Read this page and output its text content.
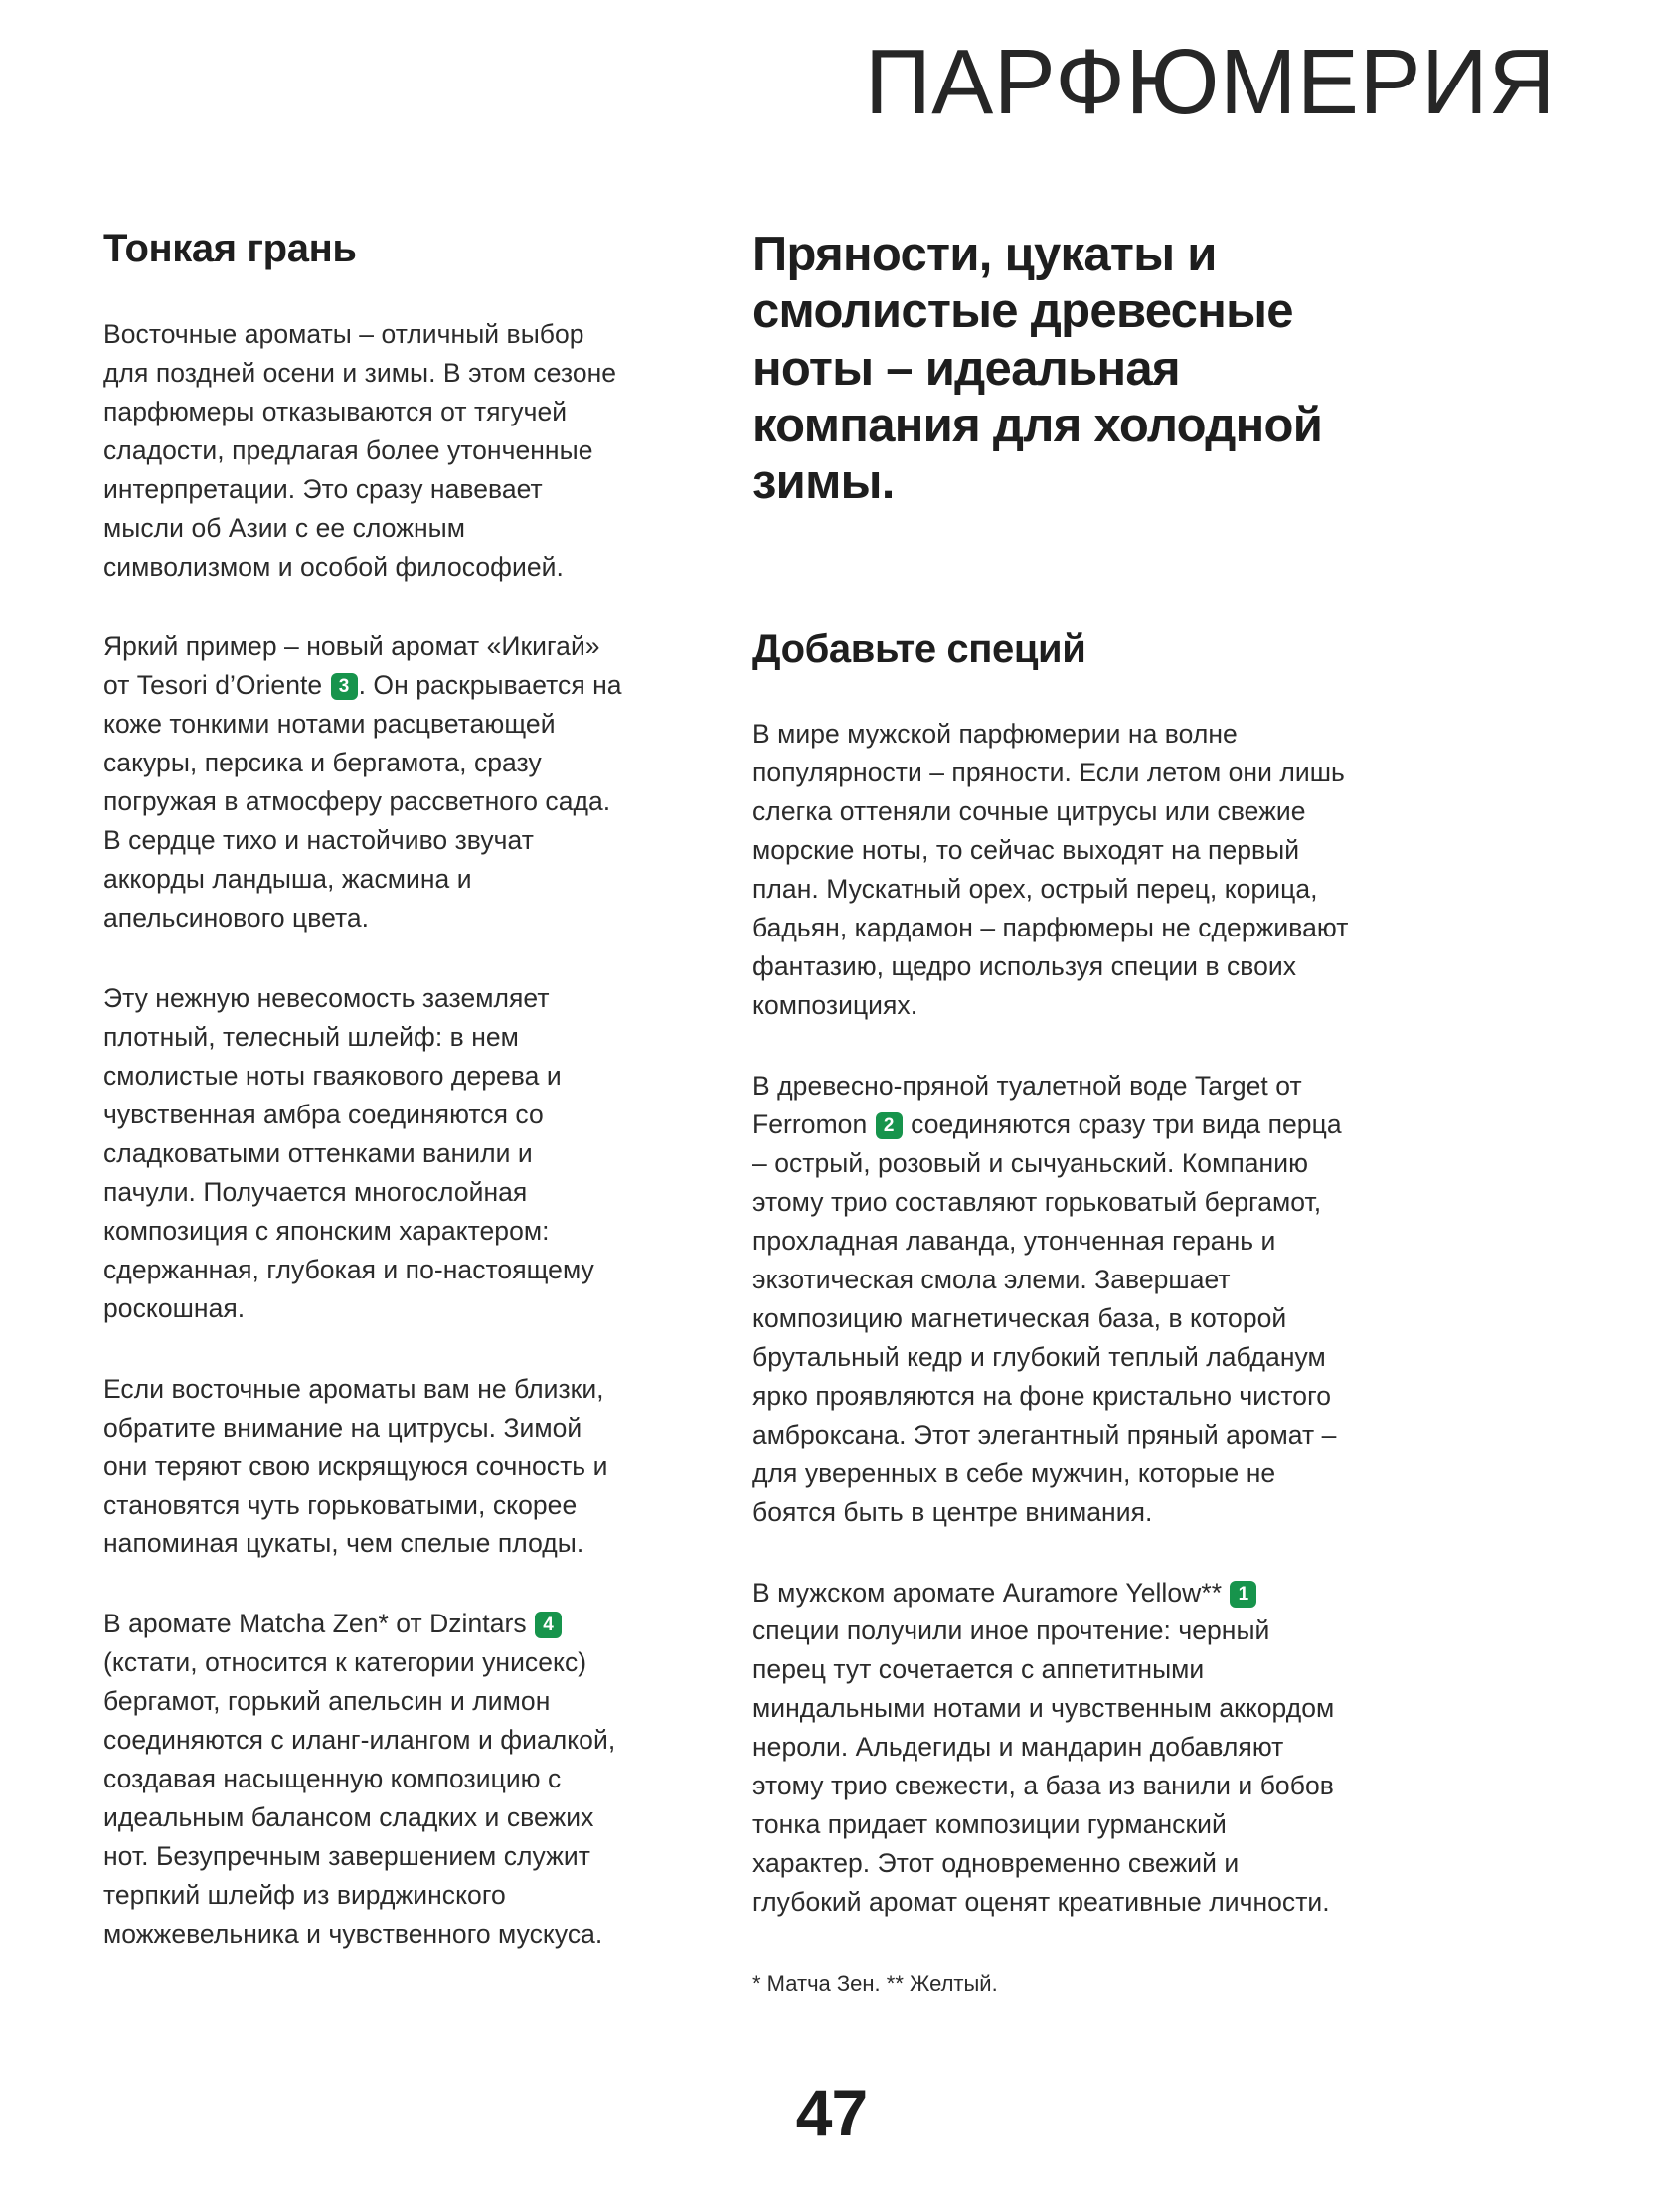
ПАРФЮМЕРИЯ
Тонкая грань

Восточные ароматы – отличный выбор для поздней осени и зимы. В этом сезоне парфюмеры отказываются от тягучей сладости, предлагая более утонченные интерпретации. Это сразу навевает мысли об Азии с ее сложным символизмом и особой философией.

Яркий пример – новый аромат «Икигай» от Tesori d’Oriente 3 . Он раскрывается на коже тонкими нотами расцветающей сакуры, персика и бергамота, сразу погружая в атмосферу рассветного сада. В сердце тихо и настойчиво звучат аккорды ландыша, жасмина и апельсинового цвета.

Эту нежную невесомость заземляет плотный, телесный шлейф: в нем смолистые ноты гваякового дерева и чувственная амбра соединяются со сладковатыми оттенками ванили и пачули. Получается многослойная композиция с японским характером: сдержанная, глубокая и по-настоящему роскошная.

Если восточные ароматы вам не близки, обратите внимание на цитрусы. Зимой они теряют свою искрящуюся сочность и становятся чуть горьковатыми, скорее напоминая цукаты, чем спелые плоды.

В аромате Matcha Zen* от Dzintars 4 (кстати, относится к категории унисекс) бергамот, горький апельсин и лимон соединяются с иланг-илангом и фиалкой, создавая насыщенную композицию с идеальным балансом сладких и свежих нот. Безупречным завершением служит терпкий шлейф из вирджинского можжевельника и чувственного мускуса.

Пряности, цукаты и смолистые древесные ноты – идеальная компания для холодной зимы.
Добавьте специй

В мире мужской парфюмерии на волне популярности – пряности. Если летом они лишь слегка оттеняли сочные цитрусы или свежие морские ноты, то сейчас выходят на первый план. Мускатный орех, острый перец, корица, бадьян, кардамон – парфюмеры не сдерживают фантазию, щедро используя специи в своих композициях.

В древесно-пряной туалетной воде Target от Ferromon 2 соединяются сразу три вида перца – острый, розовый и сычуаньский. Компанию этому трио составляют горьковатый бергамот, прохладная лаванда, утонченная герань и экзотическая смола элеми. Завершает композицию магнетическая база, в которой брутальный кедр и глубокий теплый лабданум ярко проявляются на фоне кристально чистого амброксана. Этот элегантный пряный аромат – для уверенных в себе мужчин, которые не боятся быть в центре внимания.

В мужском аромате Auramore Yellow** 1 специи получили иное прочтение: черный перец тут сочетается с аппетитными миндальными нотами и чувственным аккордом нероли. Альдегиды и мандарин добавляют этому трио свежести, а база из ванили и бобов тонка придает композиции гурманский характер. Этот одновременно свежий и глубокий аромат оценят креативные личности.

* Матча Зен. ** Желтый.

47
